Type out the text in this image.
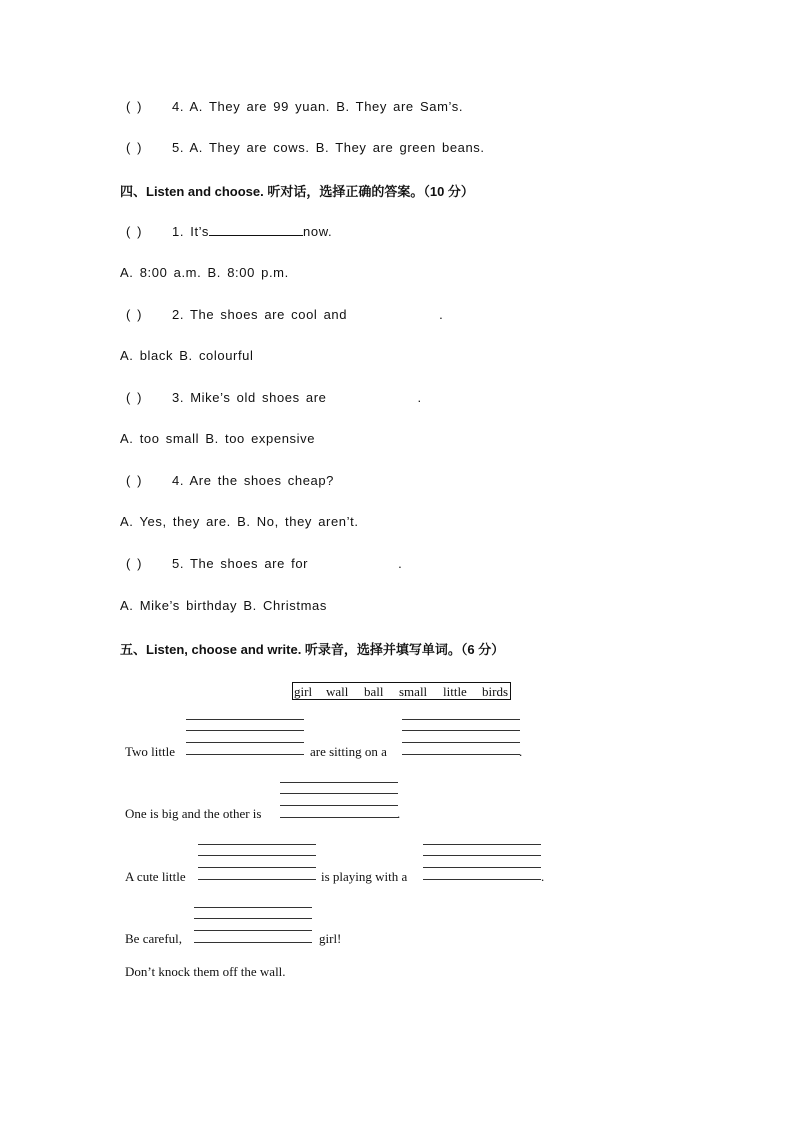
( ) 4. A. They are 99 yuan. B. They are Sam’s.
( ) 5. A. They are cows. B. They are green beans.
四、Listen and choose. 听对话，选择正确的答案。（10 分）
( ) 1. It’s	now.
A. 8:00 a.m. B. 8:00 p.m.
( ) 2. The shoes are cool and	.
A. black B. colourful
( ) 3. Mike’s old shoes are	.
A. too small B. too expensive
( ) 4. Are the shoes cheap?
A. Yes, they are. B. No, they aren’t.
( ) 5. The shoes are for	.
A. Mike’s birthday B. Christmas
五、Listen, choose and write. 听录音，选择并填写单词。（6 分）
girl wall ball small little birds
Two little	are sitting on a	.
One is big and the other is	.
A cute little	is playing with a	.
Be careful,	girl!
Don’t knock them off the wall.
